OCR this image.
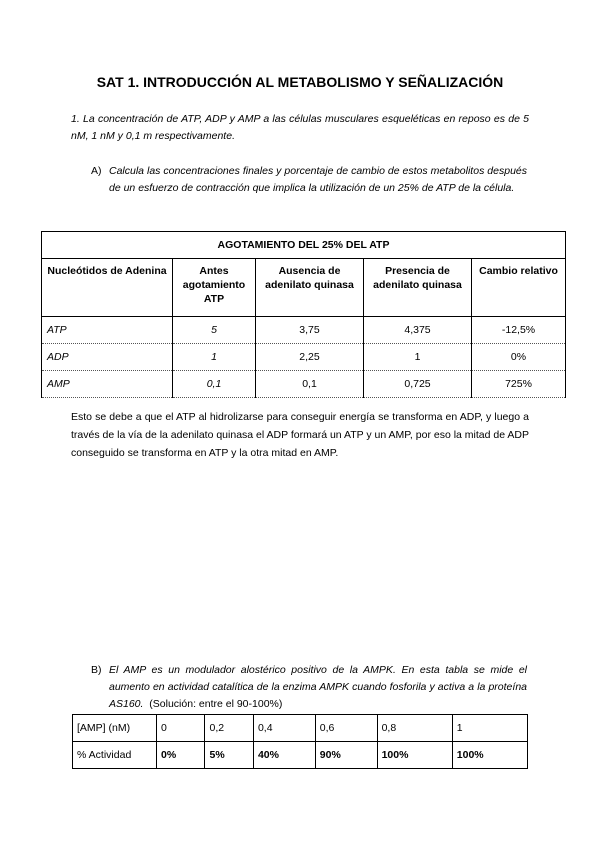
SAT 1. INTRODUCCIÓN AL METABOLISMO Y SEÑALIZACIÓN
1. La concentración de ATP, ADP y AMP a las células musculares esqueléticas en reposo es de 5 nM, 1 nM y 0,1 m respectivamente.
A) Calcula las concentraciones finales y porcentaje de cambio de estos metabolitos después de un esfuerzo de contracción que implica la utilización de un 25% de ATP de la célula.
AGOTAMIENTO DEL 25% DEL ATP				
Nucleótidos de Adenina	Antes agotamiento ATP	Ausencia de adenilato quinasa	Presencia de adenilato quinasa	Cambio relativo
ATP	5	3,75	4,375	-12,5%
ADP	1	2,25	1	0%
AMP	0,1	0,1	0,725	725%
Esto se debe a que el ATP al hidrolizarse para conseguir energía se transforma en ADP, y luego a través de la vía de la adenilato quinasa el ADP formará un ATP y un AMP, por eso la mitad de ADP conseguido se transforma en ATP y la otra mitad en AMP.
B) El AMP es un modulador alostérico positivo de la AMPK. En esta tabla se mide el aumento en actividad catalítica de la enzima AMPK cuando fosforila y activa a la proteína AS160. (Solución: entre el 90-100%)
[AMP] (nM)	0	0,2	0,4	0,6	0,8	1
% Actividad	0%	5%	40%	90%	100%	100%
